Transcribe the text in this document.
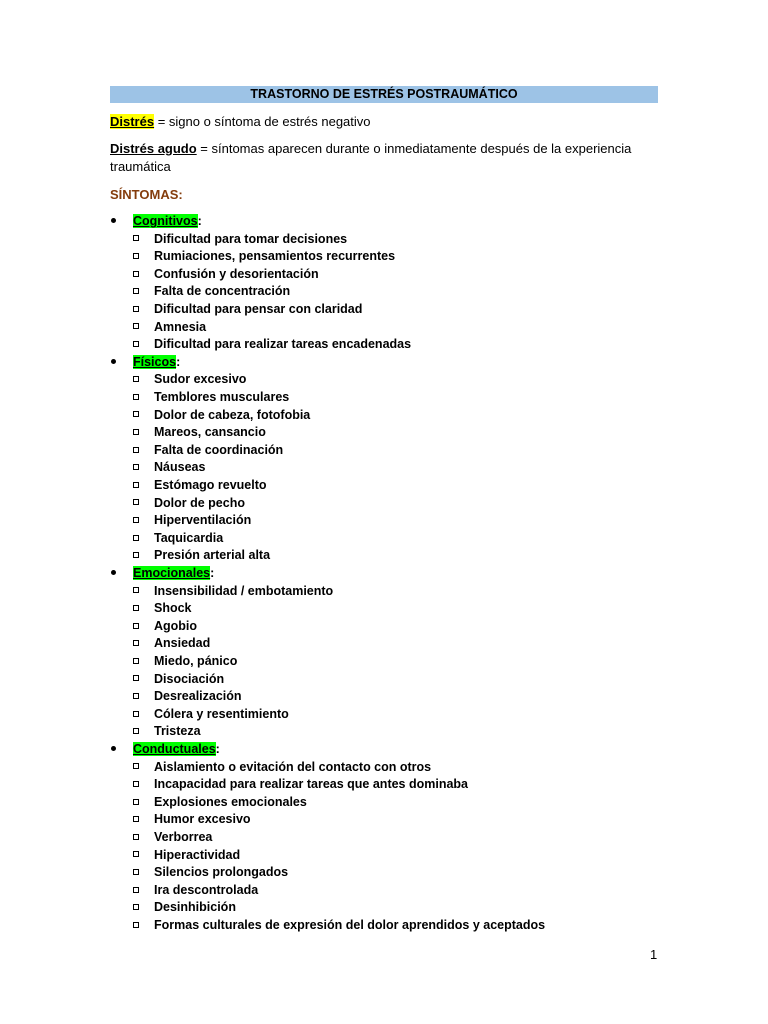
TRASTORNO DE ESTRÉS POSTRAUMÁTICO
Distrés = signo o síntoma de estrés negativo
Distrés agudo = síntomas aparecen durante o inmediatamente después de la experiencia
traumática
SÍNTOMAS:
Cognitivos:
Dificultad para tomar decisiones
Rumiaciones, pensamientos recurrentes
Confusión y desorientación
Falta de concentración
Dificultad para pensar con claridad
Amnesia
Dificultad para realizar tareas encadenadas
Físicos:
Sudor excesivo
Temblores musculares
Dolor de cabeza, fotofobia
Mareos, cansancio
Falta de coordinación
Náuseas
Estómago revuelto
Dolor de pecho
Hiperventilación
Taquicardia
Presión arterial alta
Emocionales:
Insensibilidad / embotamiento
Shock
Agobio
Ansiedad
Miedo, pánico
Disociación
Desrealización
Cólera y resentimiento
Tristeza
Conductuales:
Aislamiento o evitación del contacto con otros
Incapacidad para realizar tareas que antes dominaba
Explosiones emocionales
Humor excesivo
Verborrea
Hiperactividad
Silencios prolongados
Ira descontrolada
Desinhibición
Formas culturales de expresión del dolor aprendidos y aceptados
1
